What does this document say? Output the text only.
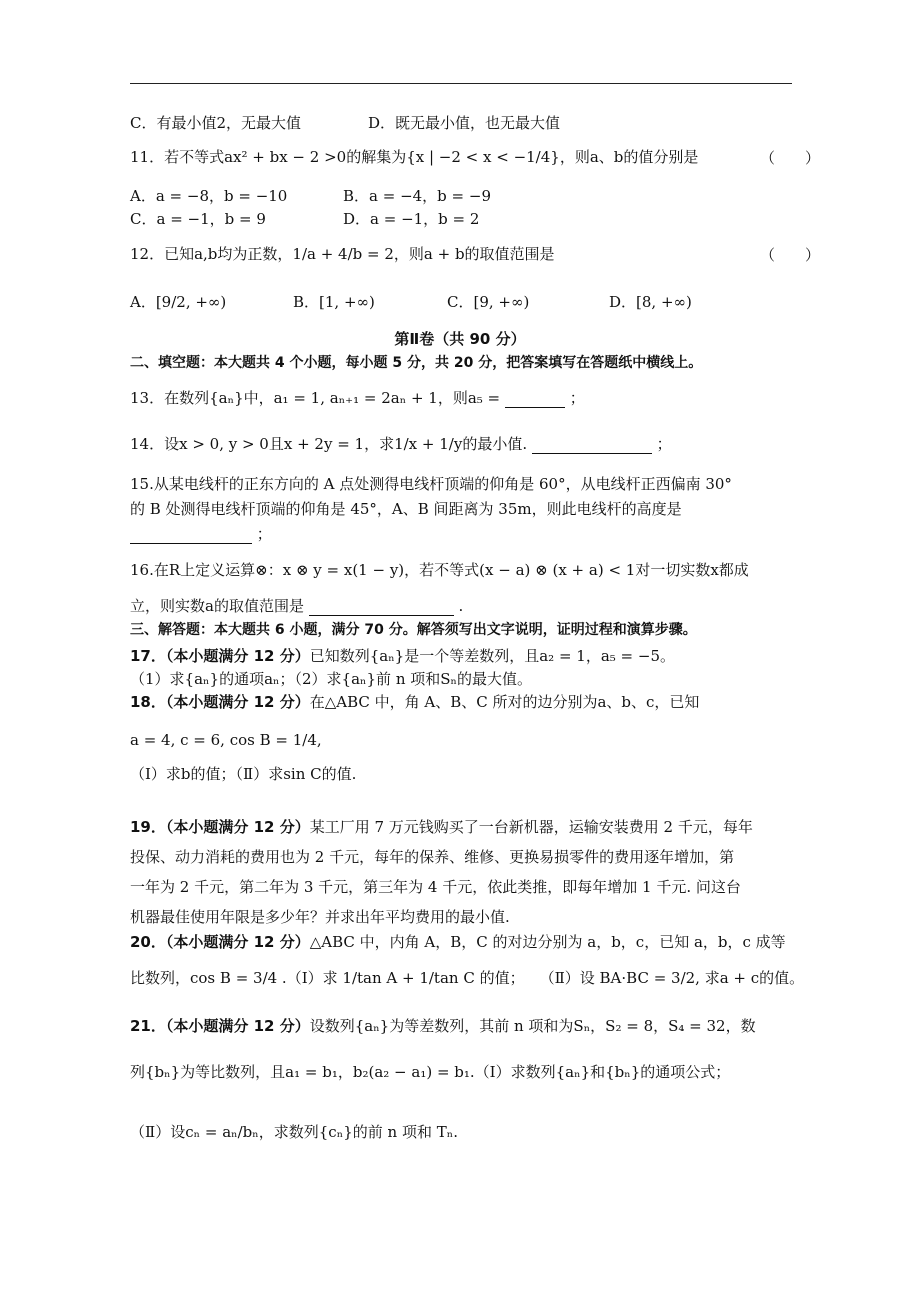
C．有最小值2，无最大值	D．既无最小值，也无最大值
11．若不等式ax² + bx − 2 >0的解集为{x | −2 < x < −1/4}，则a、b的值分别是	（　　）
A．a = −8，b = −10	B．a = −4，b = −9
C．a = −1，b = 9	D．a = −1，b = 2
12．已知a,b均为正数，1/a + 4/b = 2，则a + b的取值范围是	（　　）
A．[9/2, +∞)	B．[1, +∞)	C．[9, +∞)	D．[8, +∞)
第Ⅱ卷（共 90 分）
二、填空题：本大题共 4 个小题，每小题 5 分，共 20 分，把答案填写在答题纸中横线上。
13．在数列{aₙ}中，a₁ = 1, aₙ₊₁ = 2aₙ + 1，则a₅ =	；
14．设x > 0, y > 0且x + 2y = 1，求1/x + 1/y的最小值.	；
15.从某电线杆的正东方向的 A 点处测得电线杆顶端的仰角是 60°，从电线杆正西偏南 30°
的 B 处测得电线杆顶端的仰角是 45°，A、B 间距离为 35m，则此电线杆的高度是
；
16.在R上定义运算⊗：x ⊗ y = x(1 − y)，若不等式(x − a) ⊗ (x + a) < 1对一切实数x都成
立，则实数a的取值范围是	.
三、解答题：本大题共 6 小题，满分 70 分。解答须写出文字说明，证明过程和演算步骤。
17．（本小题满分 12 分）已知数列{aₙ}是一个等差数列，且a₂ = 1，a₅ = −5。
（1）求{aₙ}的通项aₙ；（2）求{aₙ}前 n 项和Sₙ的最大值。
18．（本小题满分 12 分）在△ABC 中，角 A、B、C 所对的边分别为a、b、c，已知
a = 4, c = 6, cos B = 1/4,
（Ⅰ）求b的值；（Ⅱ）求sin C的值.
19．（本小题满分 12 分）某工厂用 7 万元钱购买了一台新机器，运输安装费用 2 千元，每年
投保、动力消耗的费用也为 2 千元，每年的保养、维修、更换易损零件的费用逐年增加，第
一年为 2 千元，第二年为 3 千元，第三年为 4 千元，依此类推，即每年增加 1 千元. 问这台
机器最佳使用年限是多少年？并求出年平均费用的最小值.
20．（本小题满分 12 分）△ABC 中，内角 A，B，C 的对边分别为 a，b，c，已知 a，b，c 成等
比数列，cos B = 3/4 .（Ⅰ）求 1/tan A + 1/tan C 的值；　　（Ⅱ）设 BA·BC = 3/2, 求a + c的值。
21．（本小题满分 12 分）设数列{aₙ}为等差数列，其前 n 项和为Sₙ，S₂ = 8，S₄ = 32，数
列{bₙ}为等比数列，且a₁ = b₁，b₂(a₂ − a₁) = b₁.（Ⅰ）求数列{aₙ}和{bₙ}的通项公式；
（Ⅱ）设cₙ = aₙ/bₙ，求数列{cₙ}的前 n 项和 Tₙ.
